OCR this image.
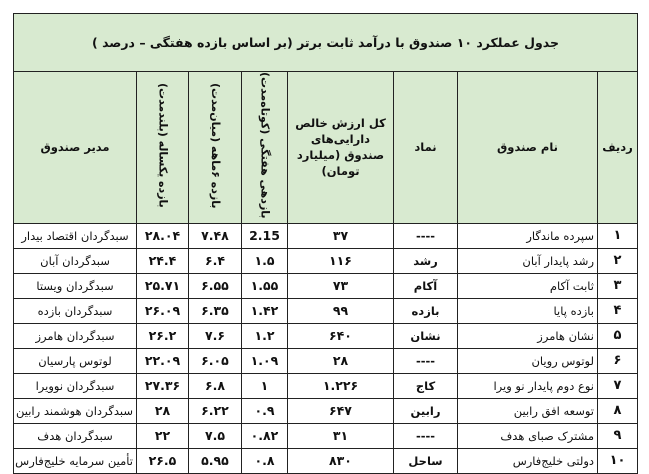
جدول عملکرد ۱۰ صندوق با درآمد ثابت برتر (بر اساس بازده هفتگی – درصد )							
ردیف	نام صندوق	نماد	کل ارزش خالص دارایی‌های صندوق (میلیارد تومان)	بازدهی هفتگی (کوتاه‌مدت)	بازده ۶ماهه (میان‌مدت)	بازده یکساله (بلندمدت)	مدیر صندوق
۱	سپرده ماندگار	----	۳۷	2.15	۷.۴۸	۲۸.۰۴	سبدگردان اقتصاد بیدار
۲	رشد پایدار آبان	رشد	۱۱۶	۱.۵	۶.۴	۲۴.۴	سبدگردان آبان
۳	ثابت آکام	آکام	۷۳	۱.۵۵	۶.۵۵	۲۵.۷۱	سبدگردان ویستا
۴	بازده پایا	بازده	۹۹	۱.۴۲	۶.۳۵	۲۶.۰۹	سبدگردان بازده
۵	نشان هامرز	نشان	۶۴۰	۱.۲	۷.۶	۲۶.۲	سبدگردان هامرز
۶	لوتوس رویان	----	۲۸	۱.۰۹	۶.۰۵	۲۲.۰۹	لوتوس پارسیان
۷	نوع دوم پایدار نو ویرا	کاج	۱.۲۲۶	۱	۶.۸	۲۷.۳۶	سبدگردان نوویرا
۸	توسعه افق رابین	رابین	۶۴۷	۰.۹	۶.۲۲	۲۸	سبدگردان هوشمند رابین
۹	مشترک صبای هدف	----	۳۱	۰.۸۲	۷.۵	۲۲	سبدگردان هدف
۱۰	دولتی خلیج‌فارس	ساحل	۸۳۰	۰.۸	۵.۹۵	۲۶.۵	تأمین سرمایه خلیج‌فارس
